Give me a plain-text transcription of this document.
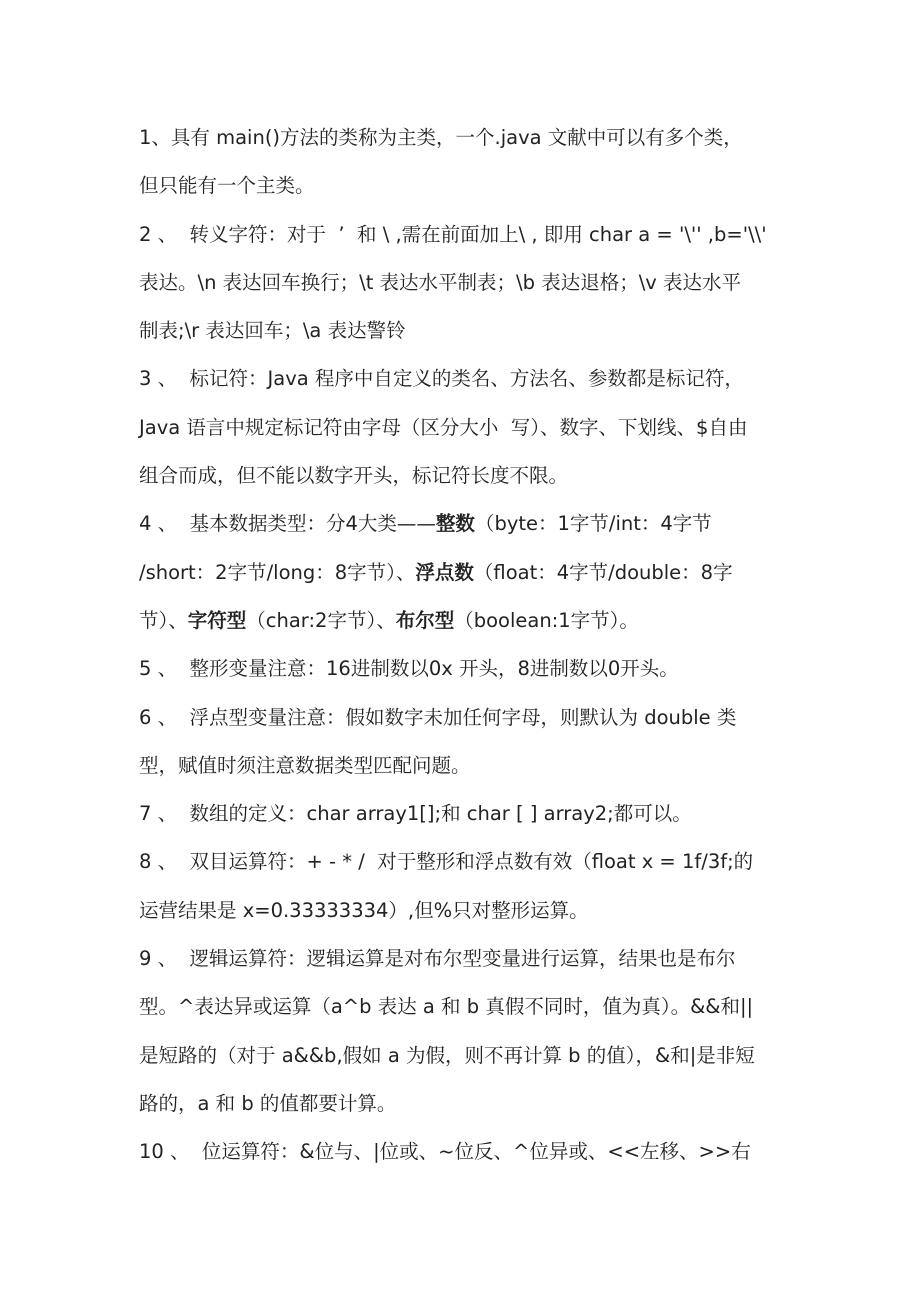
1、具有 main()方法的类称为主类，一个.java 文献中可以有多个类，
但只能有一个主类。
2 、  转义字符：对于  ’  和 \ ,需在前面加上\ , 即用 char a = '\'' ,b='\\'
表达。\n 表达回车换行；\t 表达水平制表；\b 表达退格；\v 表达水平
制表;\r 表达回车；\a 表达警铃
3 、  标记符：Java 程序中自定义的类名、方法名、参数都是标记符，
Java 语言中规定标记符由字母（区分大小  写）、数字、下划线、$自由
组合而成，但不能以数字开头，标记符长度不限。
4 、  基本数据类型：分4大类——整数（byte：1字节/int：4字节
/short：2字节/long：8字节）、浮点数（float：4字节/double：8字
节）、字符型（char:2字节）、布尔型（boolean:1字节）。
5 、  整形变量注意：16进制数以0x 开头，8进制数以0开头。
6 、  浮点型变量注意：假如数字未加任何字母，则默认为 double 类
型，赋值时须注意数据类型匹配问题。
7 、  数组的定义：char array1[];和 char [ ] array2;都可以。
8 、  双目运算符：+ - * /  对于整形和浮点数有效（float x = 1f/3f;的
运营结果是 x=0.33333334）,但%只对整形运算。
9 、  逻辑运算符：逻辑运算是对布尔型变量进行运算，结果也是布尔
型。^表达异或运算（a^b 表达 a 和 b 真假不同时，值为真）。&&和||
是短路的（对于 a&&b,假如 a 为假，则不再计算 b 的值），&和|是非短
路的，a 和 b 的值都要计算。
10 、  位运算符：&位与、|位或、~位反、^位异或、<<左移、>>右
